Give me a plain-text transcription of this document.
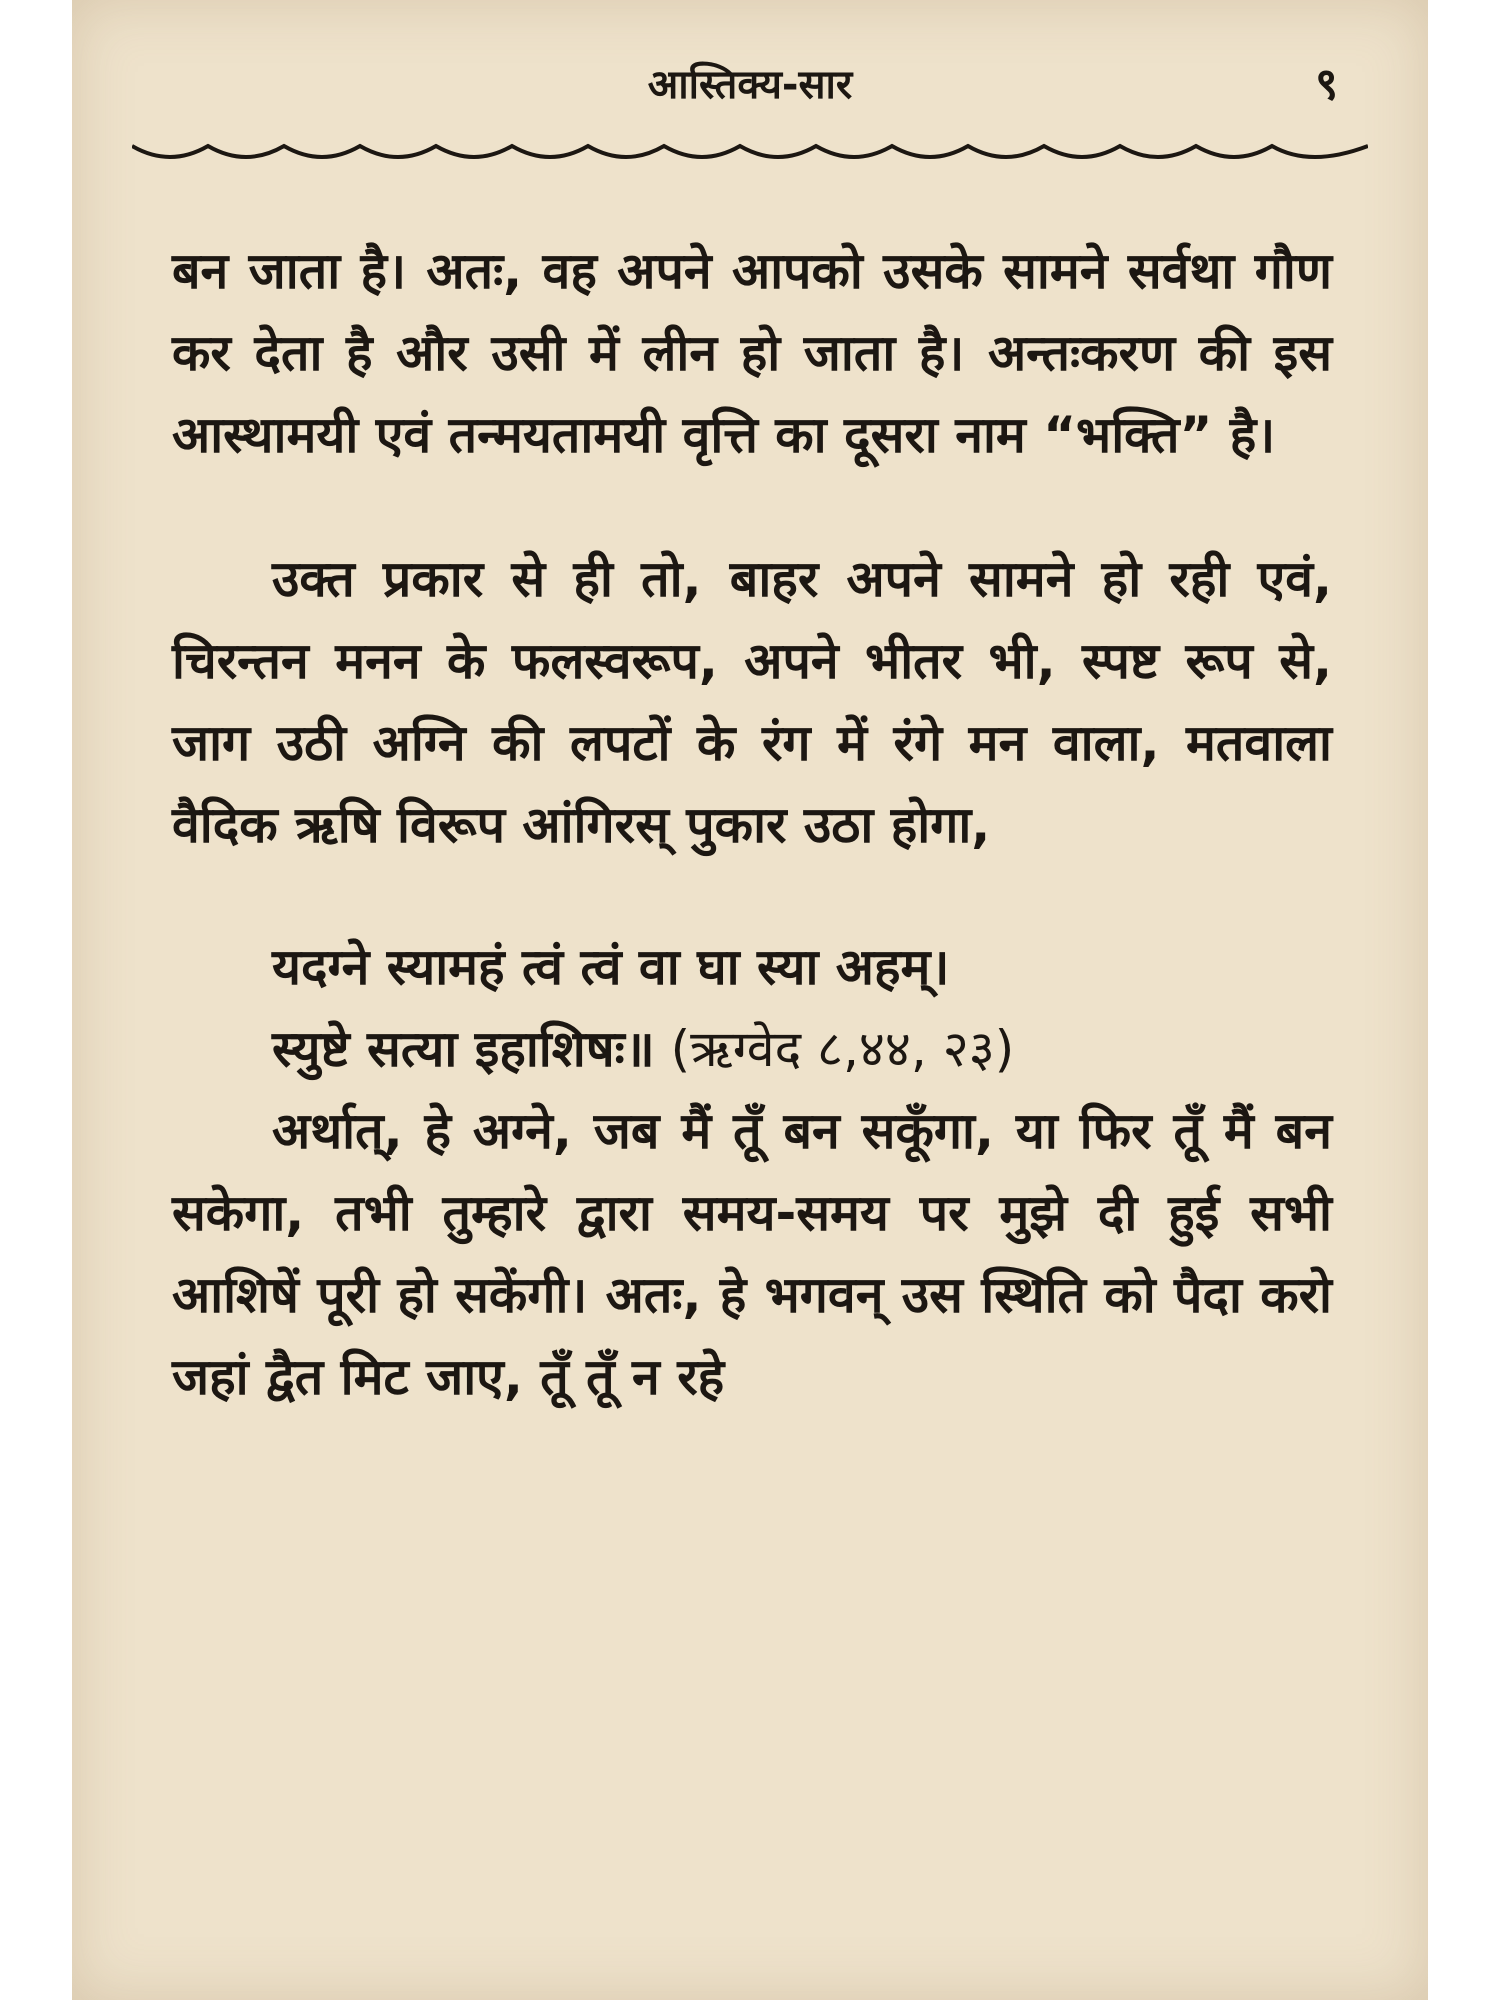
आस्तिक्य-सार	९

बन जाता है। अतः, वह अपने आपको उसके सामने सर्वथा गौण कर देता है और उसी में लीन हो जाता है। अन्तःकरण की इस आस्थामयी एवं तन्मयतामयी वृत्ति का दूसरा नाम “भक्ति” है।

उक्त प्रकार से ही तो, बाहर अपने सामने हो रही एवं, चिरन्तन मनन के फलस्वरूप, अपने भीतर भी, स्पष्ट रूप से, जाग उठी अग्नि की लपटों के रंग में रंगे मन वाला, मतवाला वैदिक ऋषि विरूप आंगिरस् पुकार उठा होगा,

यदग्ने स्यामहं त्वं त्वं वा घा स्या अहम्।
स्युष्टे सत्या इहाशिषः॥ (ऋग्वेद ८,४४, २३)

अर्थात्, हे अग्ने, जब मैं तूँ बन सकूँगा, या फिर तूँ मैं बन सकेगा, तभी तुम्हारे द्वारा समय-समय पर मुझे दी हुई सभी आशिषें पूरी हो सकेंगी। अतः, हे भगवन् उस स्थिति को पैदा करो जहां द्वैत मिट जाए, तूँ तूँ न रहे
